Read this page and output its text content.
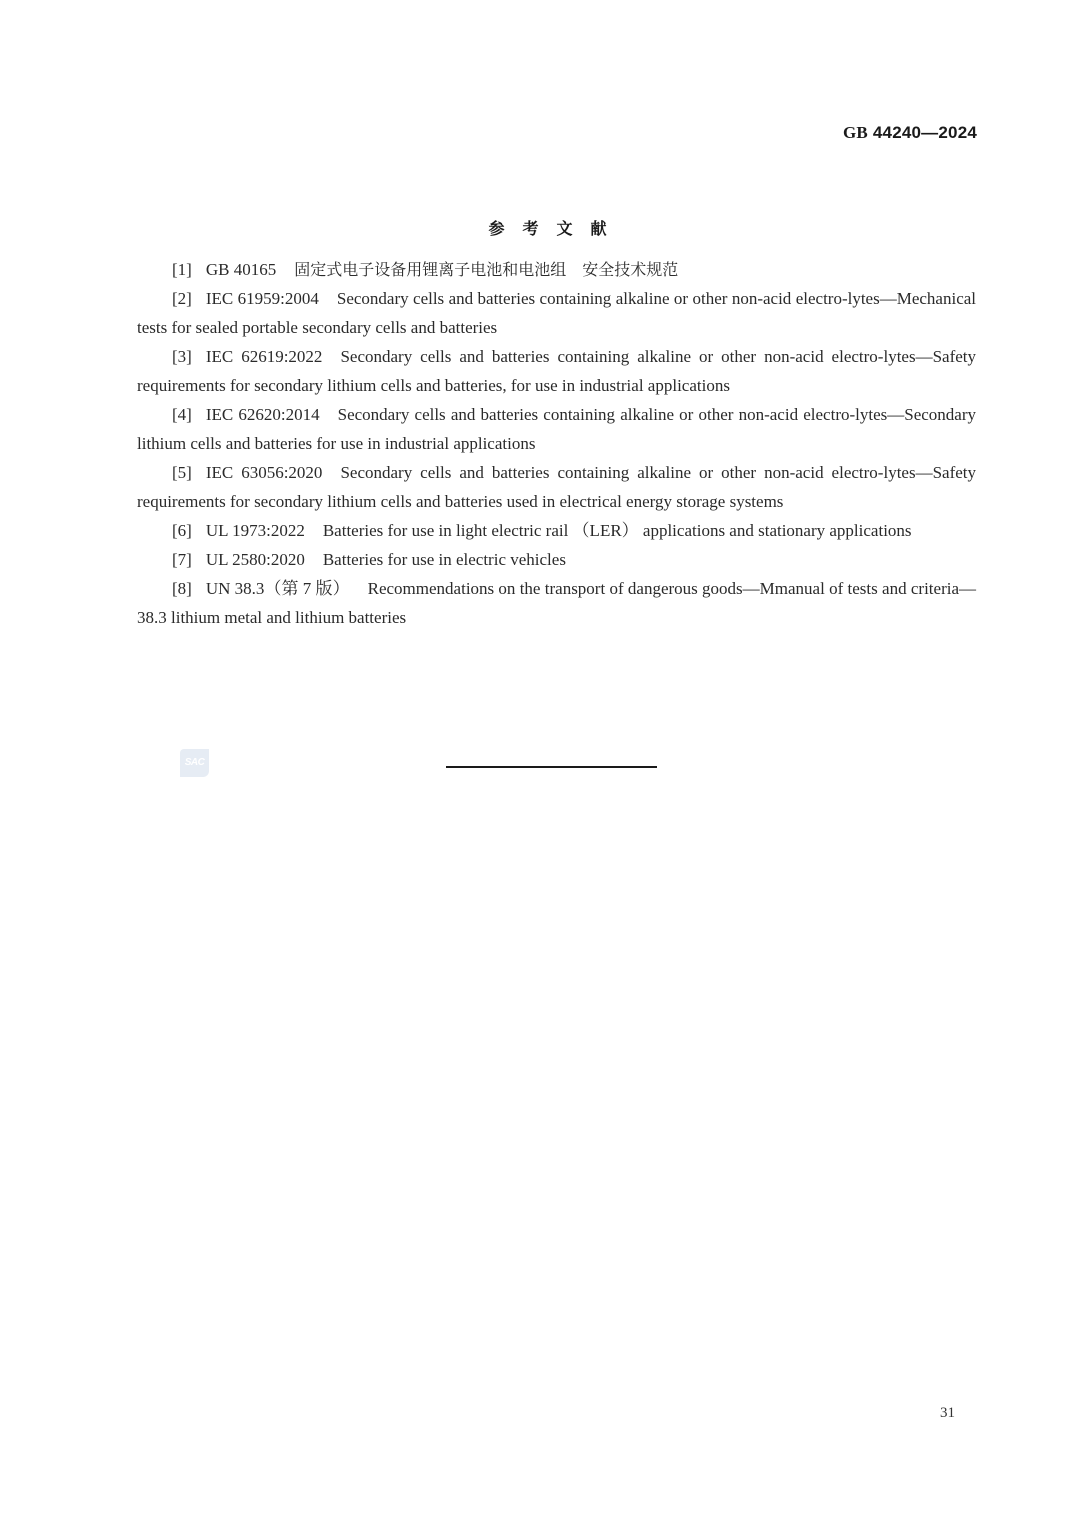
GB 44240—2024
参考文献

[1] GB 40165 固定式电子设备用锂离子电池和电池组　安全技术规范

[2] IEC 61959:2004 Secondary cells and batteries containing alkaline or other non-acid electro-lytes—Mechanical tests for sealed portable secondary cells and batteries

[3] IEC 62619:2022 Secondary cells and batteries containing alkaline or other non-acid electro-lytes—Safety requirements for secondary lithium cells and batteries, for use in industrial applications

[4] IEC 62620:2014 Secondary cells and batteries containing alkaline or other non-acid electro-lytes—Secondary lithium cells and batteries for use in industrial applications

[5] IEC 63056:2020 Secondary cells and batteries containing alkaline or other non-acid electro-lytes—Safety requirements for secondary lithium cells and batteries used in electrical energy storage systems

[6] UL 1973:2022 Batteries for use in light electric rail （LER） applications and stationary applications

[7] UL 2580:2020 Batteries for use in electric vehicles

[8] UN 38.3（第 7 版） Recommendations on the transport of dangerous goods—Mmanual of tests and criteria—38.3 lithium metal and lithium batteries

SAC
31
